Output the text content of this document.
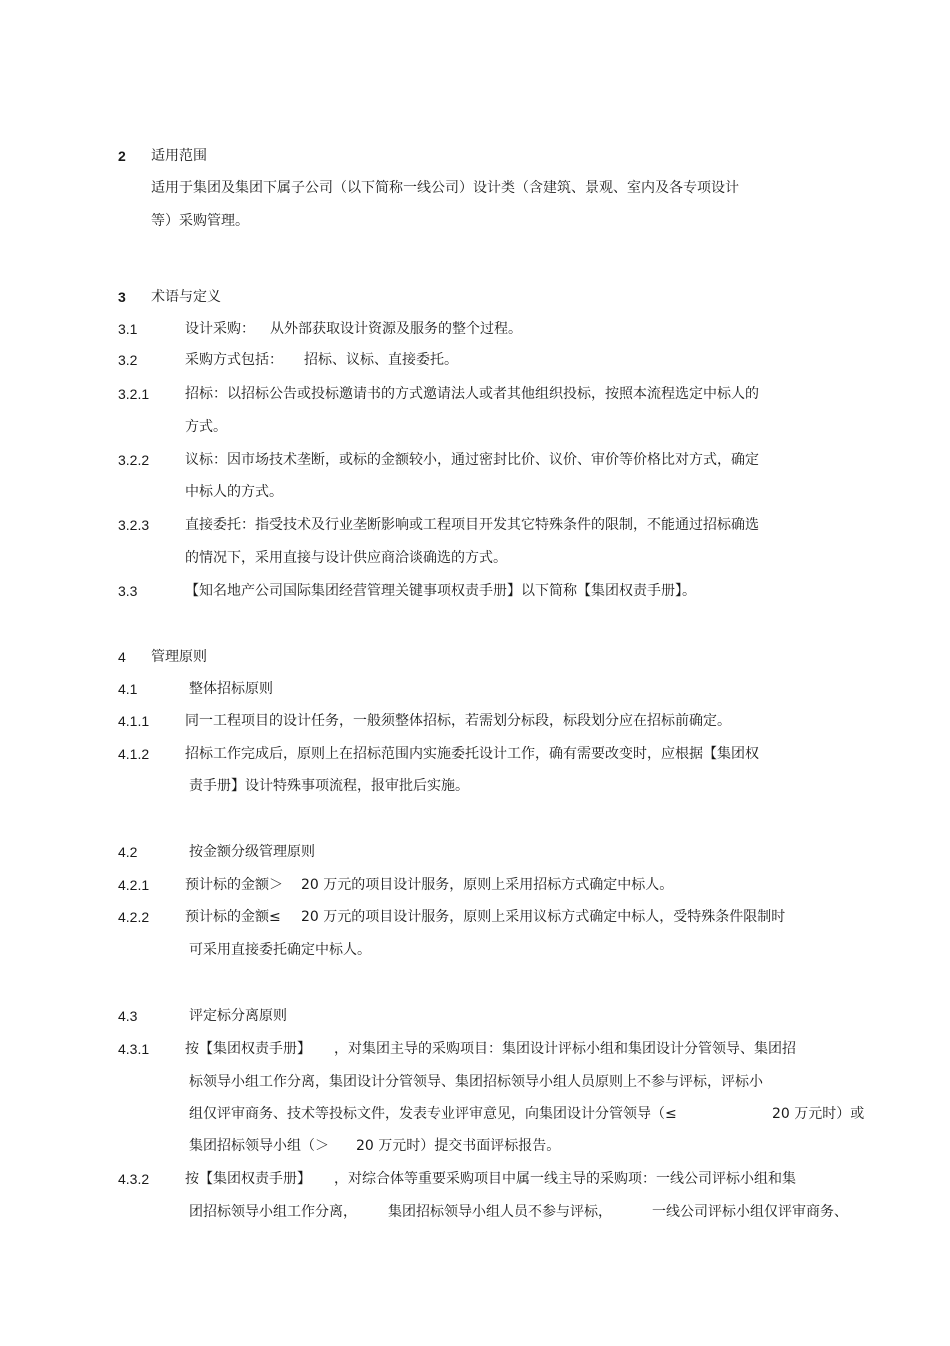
2 适用范围
适用于集团及集团下属子公司（以下简称一线公司）设计类（含建筑、景观、室内及各专项设计
等）采购管理。
3 术语与定义
3.1	设计采购： 从外部获取设计资源及服务的整个过程。
3.2	采购方式包括： 招标、议标、直接委托。
3.2.1	招标：以招标公告或投标邀请书的方式邀请法人或者其他组织投标，按照本流程选定中标人的
方式。
3.2.2	议标：因市场技术垄断，或标的金额较小，通过密封比价、议价、审价等价格比对方式，确定
中标人的方式。
3.2.3	直接委托：指受技术及行业垄断影响或工程项目开发其它特殊条件的限制，不能通过招标确选
的情况下，采用直接与设计供应商洽谈确选的方式。
3.3	【知名地产公司国际集团经营管理关键事项权责手册】以下简称【集团权责手册】。
4 管理原则
4.1	整体招标原则
4.1.1	同一工程项目的设计任务，一般须整体招标，若需划分标段，标段划分应在招标前确定。
4.1.2	招标工作完成后，原则上在招标范围内实施委托设计工作，确有需要改变时，应根据【集团权
责手册】设计特殊事项流程，报审批后实施。
4.2	按金额分级管理原则
4.2.1	预计标的金额＞ 20 万元的项目设计服务，原则上采用招标方式确定中标人。
4.2.2	预计标的金额≤ 20 万元的项目设计服务，原则上采用议标方式确定中标人，受特殊条件限制时
可采用直接委托确定中标人。
4.3	评定标分离原则
4.3.1	按【集团权责手册】 ，对集团主导的采购项目：集团设计评标小组和集团设计分管领导、集团招
标领导小组工作分离，集团设计分管领导、集团招标领导小组人员原则上不参与评标，评标小
组仅评审商务、技术等投标文件，发表专业评审意见，向集团设计分管领导（≤	20 万元时）或
集团招标领导小组（＞ 20 万元时）提交书面评标报告。
4.3.2	按【集团权责手册】 ，对综合体等重要采购项目中属一线主导的采购项：一线公司评标小组和集
团招标领导小组工作分离， 集团招标领导小组人员不参与评标，	一线公司评标小组仅评审商务、
